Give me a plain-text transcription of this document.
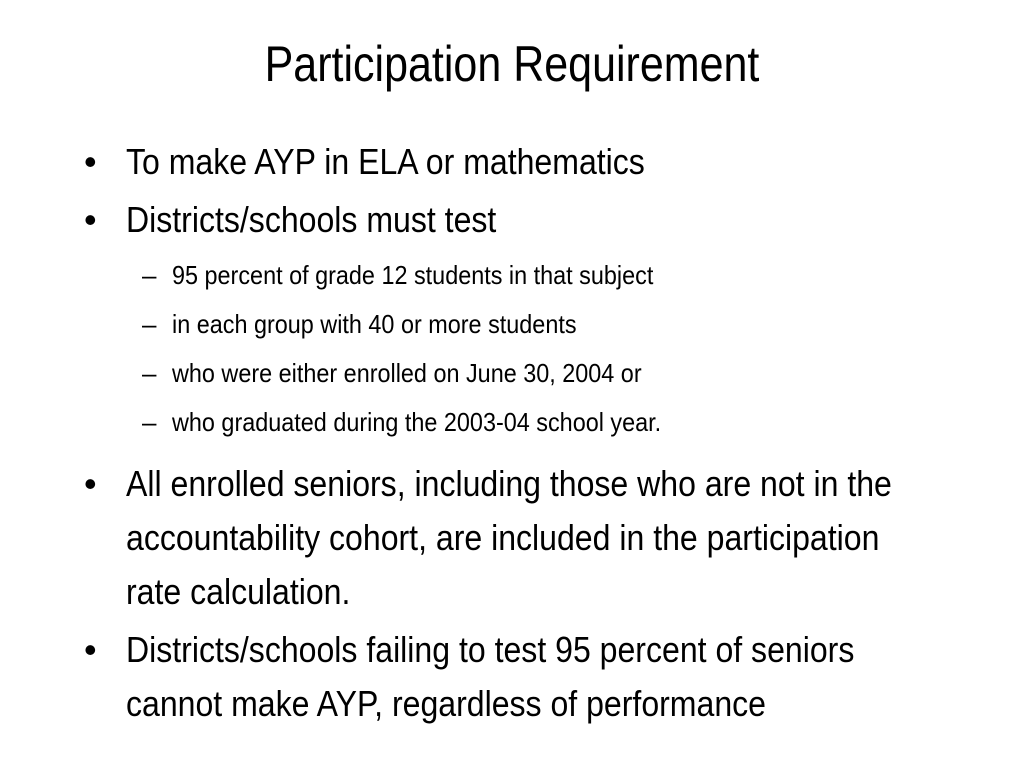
Participation Requirement
• To make AYP in ELA or mathematics
• Districts/schools must test
– 95 percent of grade 12 students in that subject
– in each group with 40 or more students
– who were either enrolled on June 30, 2004 or
– who graduated during the 2003-04 school year.
• All enrolled seniors, including those who are not in the accountability cohort, are included in the participation rate calculation.
• Districts/schools failing to test 95 percent of seniors cannot make AYP, regardless of performance
